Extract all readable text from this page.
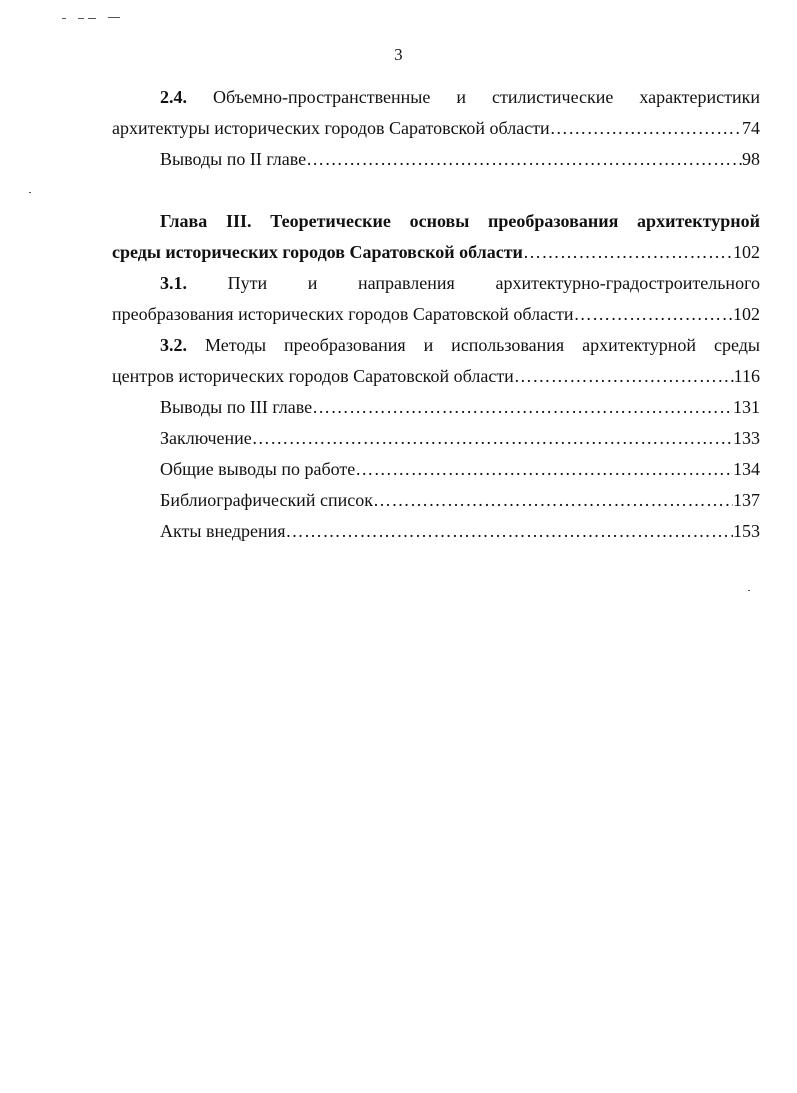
3
2.4. Объемно-пространственные и стилистические характеристики
архитектуры исторических городов Саратовской области …………………………………………………………………………………………………………………………………………………………………	74
Выводы по II главе …………………………………………………………………………………………………………………………………………………………………	98
Глава III. Теоретические основы преобразования архитектурной
среды исторических городов Саратовской области …………………………………………………………………………………………………………………………………………………………………	102
3.1. Пути и направления архитектурно-градостроительного
преобразования исторических городов Саратовской области …………………………………………………………………………………………………………………………………………………………………	102
3.2. Методы преобразования и использования архитектурной среды
центров исторических городов Саратовской области …………………………………………………………………………………………………………………………………………………………………	116
Выводы по III главе …………………………………………………………………………………………………………………………………………………………………	131
Заключение …………………………………………………………………………………………………………………………………………………………………	133
Общие выводы по работе …………………………………………………………………………………………………………………………………………………………………	134
Библиографический список …………………………………………………………………………………………………………………………………………………………………	137
Акты внедрения …………………………………………………………………………………………………………………………………………………………………	153
